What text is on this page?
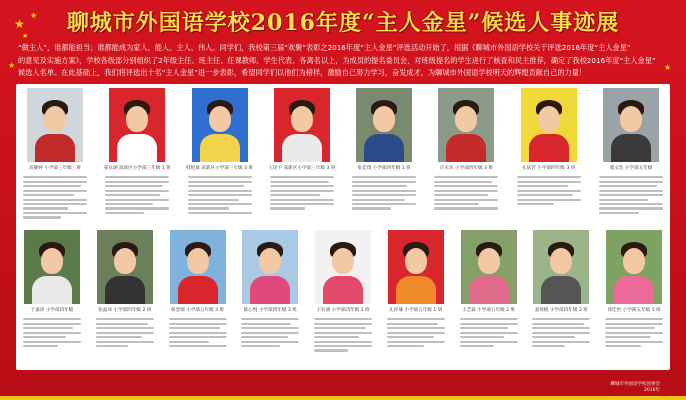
★
★
★
★	★
聊城市外国语学校2016年度“主人金星”候选人事迹展
“做主人”，谁都能担当；谁都能成为家人、能人、主人、伟人。同学们，我校第三届“欢聚”表彰之2016年度“主人金星”评选活动开始了，根据《聊城市外国语学校关于评选2016年度“主人金星”
的意见及实施方案》，学校各级部分别组织了2年级主任、班主任、任课教师、学生代表、各离名以上，为成员的提名委员会，对班级提名的学生进行了核查和民主推荐，确定了我校2016年度“主人金星”
候选人名单。在此基础上，我们将评选出十名“主人金星”进一步表彰，希望同学们以他们为榜样，激励自己努力学习，奋发成才，为聊城市外国语学校明天的辉煌贡献自己的力量！
高麓婷 小学部三年级三班	张钰涵 高新区小学部三年级 1 班	韩悦斌 高新区小学部三年级 3 班	王泽宇 高新区小学部三年级 3 班	张佳琪 小学部四年级 1 班	庄永乐 小学部四年级 3 班	孔依若 小学部四年级 3 班	董文浩 小学部五年级
于嘉沛 小学部四年级	张晶冰 小学部四年级 2 班	蔡金锦 小学部五年级 3 班	陈心悦 小学部四年级 3 班	王钰涵 小学部四年级 1 班	孔祥瑜 小学部五年级 1 班	王艺霖 小学部五年级 2 班	姜扬帆 小学部四年级 3 班	徐佳怡 小学部五年级 1 班
聊城市外国语学校团委会
2016年
